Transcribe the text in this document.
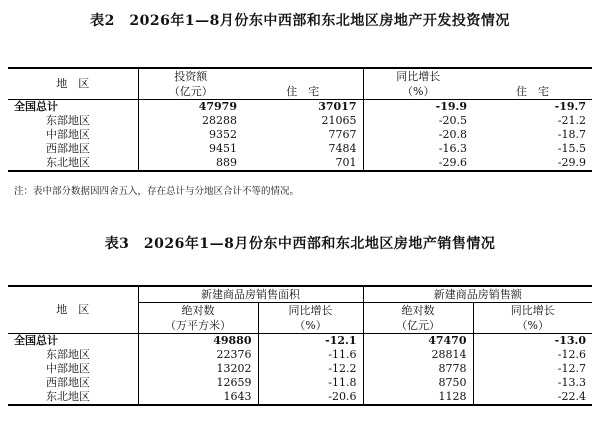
表2　2026年1—8月份东中西部和东北地区房地产开发投资情况
地　区	投资额		同比增长	
	（亿元）	住　宅	（%）	住　宅
全国总计	47979	37017	-19.9	-19.7
东部地区	28288	21065	-20.5	-21.2
中部地区	9352	7767	-20.8	-18.7
西部地区	9451	7484	-16.3	-15.5
东北地区	889	701	-29.6	-29.9
注：表中部分数据因四舍五入，存在总计与分地区合计不等的情况。
表3　2026年1—8月份东中西部和东北地区房地产销售情况
地　区	新建商品房销售面积		新建商品房销售额	
	绝对数	同比增长	绝对数	同比增长
	（万平方米）	（%）	（亿元）	（%）
全国总计	49880	-12.1	47470	-13.0
东部地区	22376	-11.6	28814	-12.6
中部地区	13202	-12.2	8778	-12.7
西部地区	12659	-11.8	8750	-13.3
东北地区	1643	-20.6	1128	-22.4
